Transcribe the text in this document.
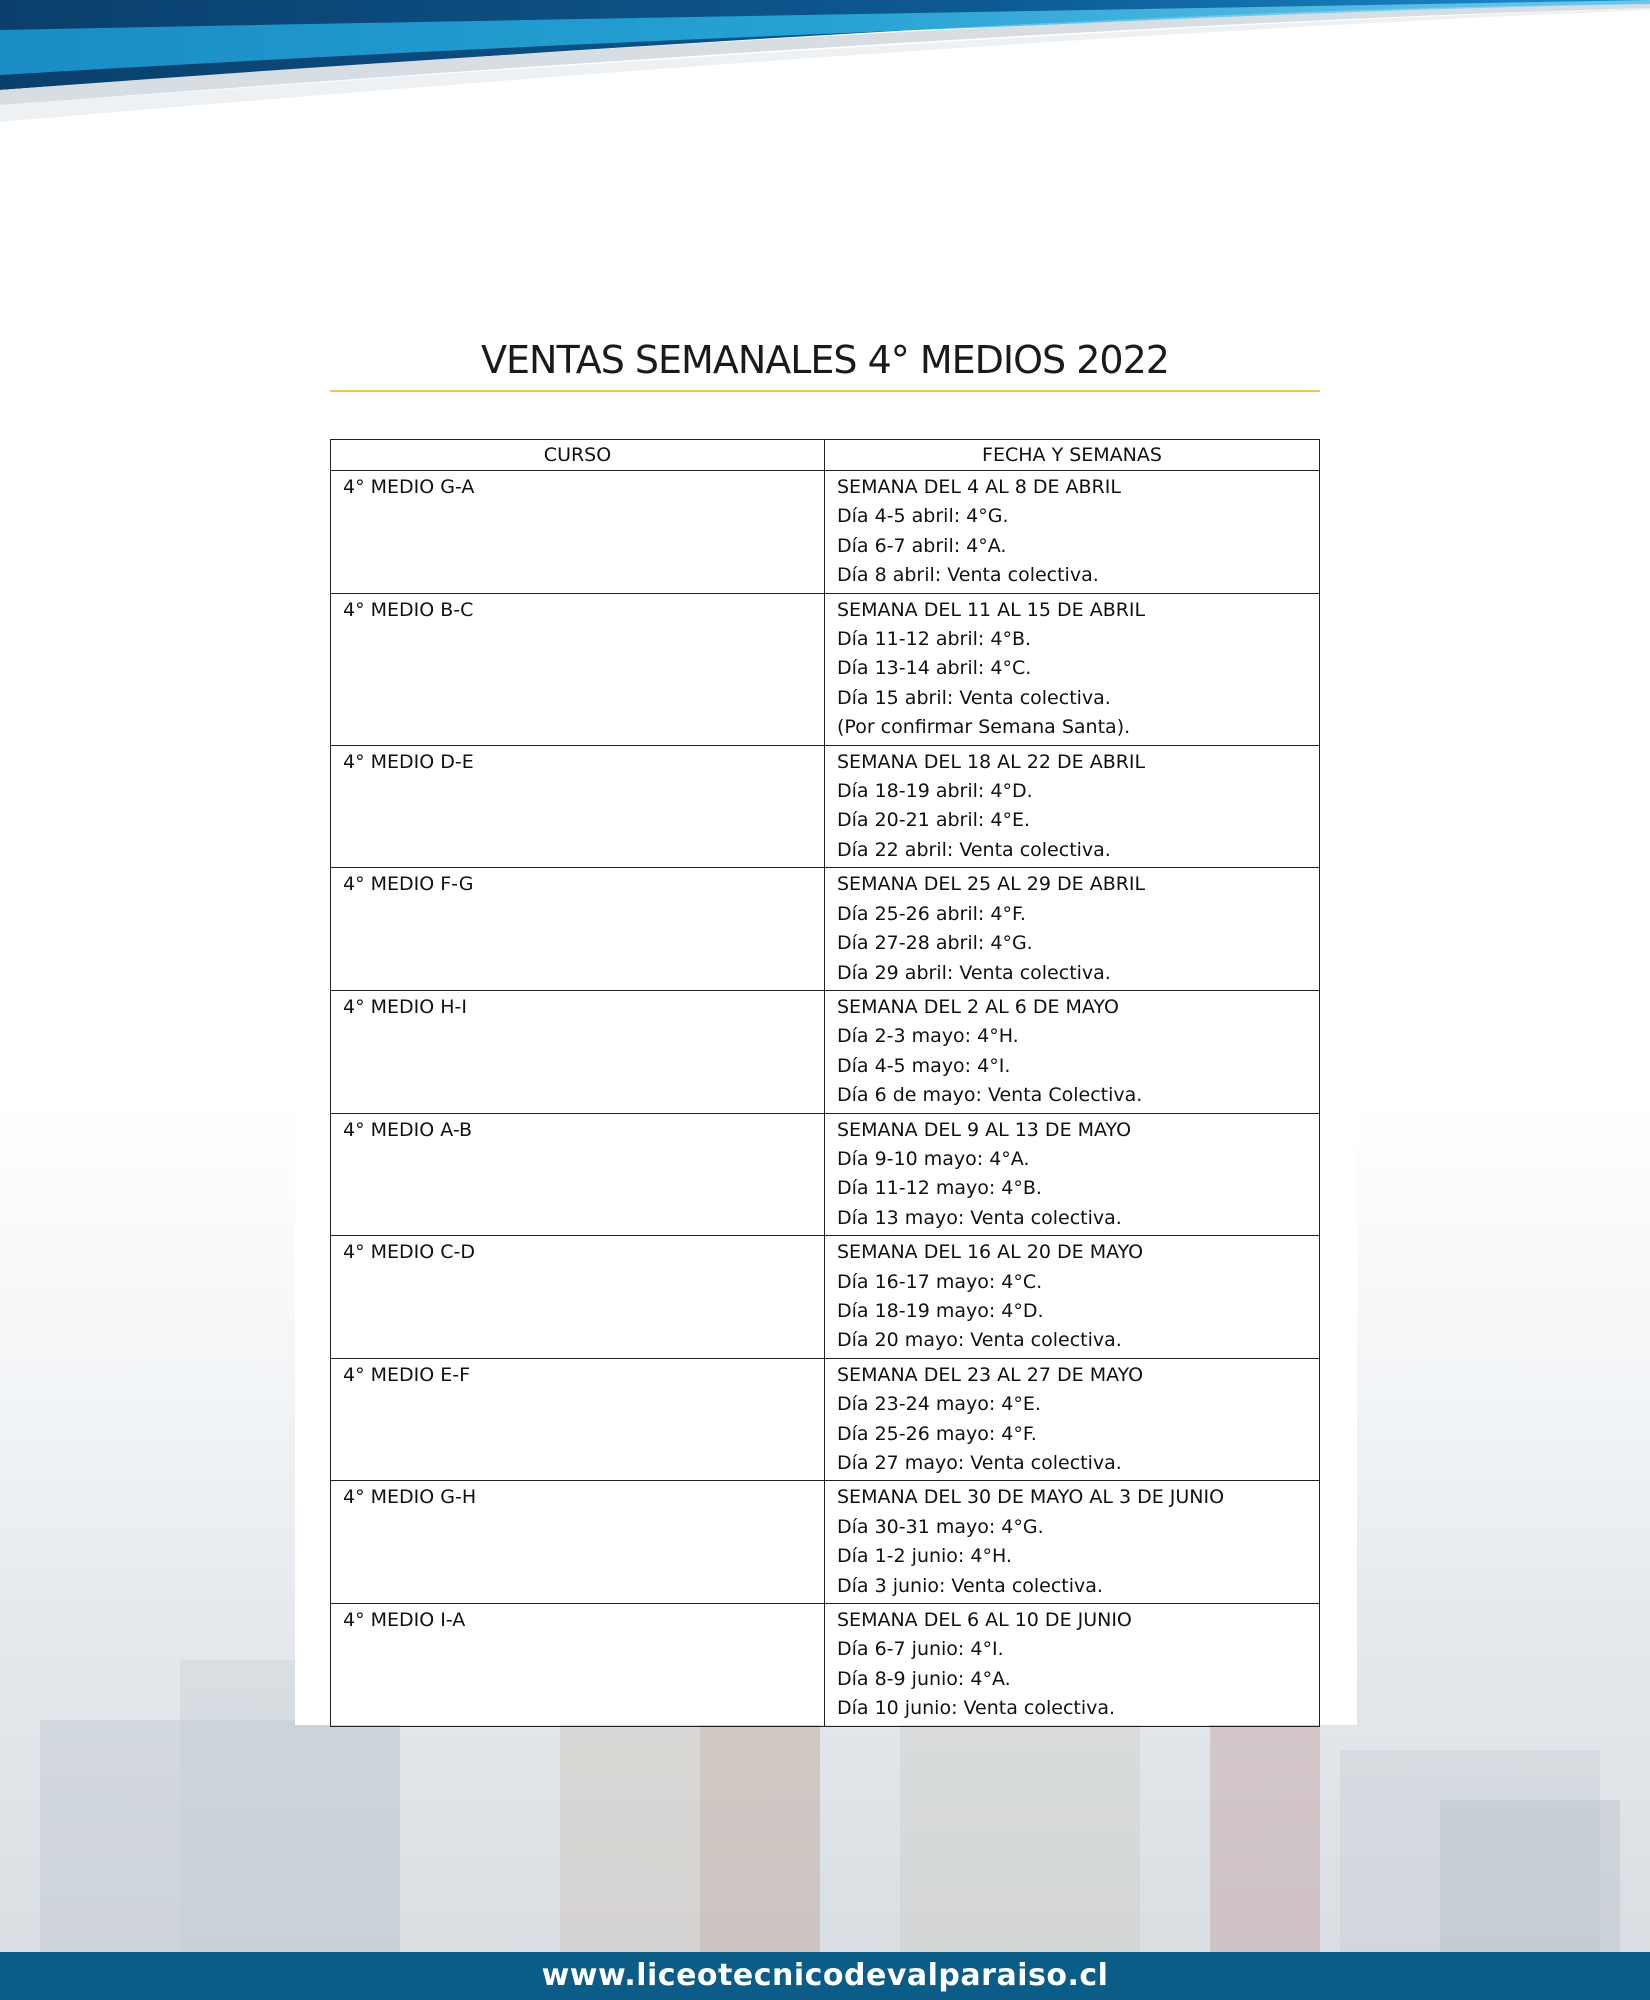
VENTAS SEMANALES 4° MEDIOS 2022
CURSO	FECHA Y SEMANAS

4° MEDIO G-A	SEMANA DEL 4 AL 8 DE ABRIL
Día 4-5 abril: 4°G.
Día 6-7 abril: 4°A.
Día 8 abril: Venta colectiva.

4° MEDIO B-C	SEMANA DEL 11 AL 15 DE ABRIL
Día 11-12 abril: 4°B.
Día 13-14 abril: 4°C.
Día 15 abril: Venta colectiva.
(Por confirmar Semana Santa).

4° MEDIO D-E	SEMANA DEL 18 AL 22 DE ABRIL
Día 18-19 abril: 4°D.
Día 20-21 abril: 4°E.
Día 22 abril: Venta colectiva.

4° MEDIO F-G	SEMANA DEL 25 AL 29 DE ABRIL
Día 25-26 abril: 4°F.
Día 27-28 abril: 4°G.
Día 29 abril: Venta colectiva.

4° MEDIO H-I	SEMANA DEL 2 AL 6 DE MAYO
Día 2-3 mayo: 4°H.
Día 4-5 mayo: 4°I.
Día 6 de mayo: Venta Colectiva.

4° MEDIO A-B	SEMANA DEL 9 AL 13 DE MAYO
Día 9-10 mayo: 4°A.
Día 11-12 mayo: 4°B.
Día 13 mayo: Venta colectiva.

4° MEDIO C-D	SEMANA DEL 16 AL 20 DE MAYO
Día 16-17 mayo: 4°C.
Día 18-19 mayo: 4°D.
Día 20 mayo: Venta colectiva.

4° MEDIO E-F	SEMANA DEL 23 AL 27 DE MAYO
Día 23-24 mayo: 4°E.
Día 25-26 mayo: 4°F.
Día 27 mayo: Venta colectiva.

4° MEDIO G-H	SEMANA DEL 30 DE MAYO AL 3 DE JUNIO
Día 30-31 mayo: 4°G.
Día 1-2 junio: 4°H.
Día 3 junio: Venta colectiva.

4° MEDIO I-A	SEMANA DEL 6 AL 10 DE JUNIO
Día 6-7 junio: 4°I.
Día 8-9 junio: 4°A.
Día 10 junio: Venta colectiva.
www.liceotecnicodevalparaiso.cl
